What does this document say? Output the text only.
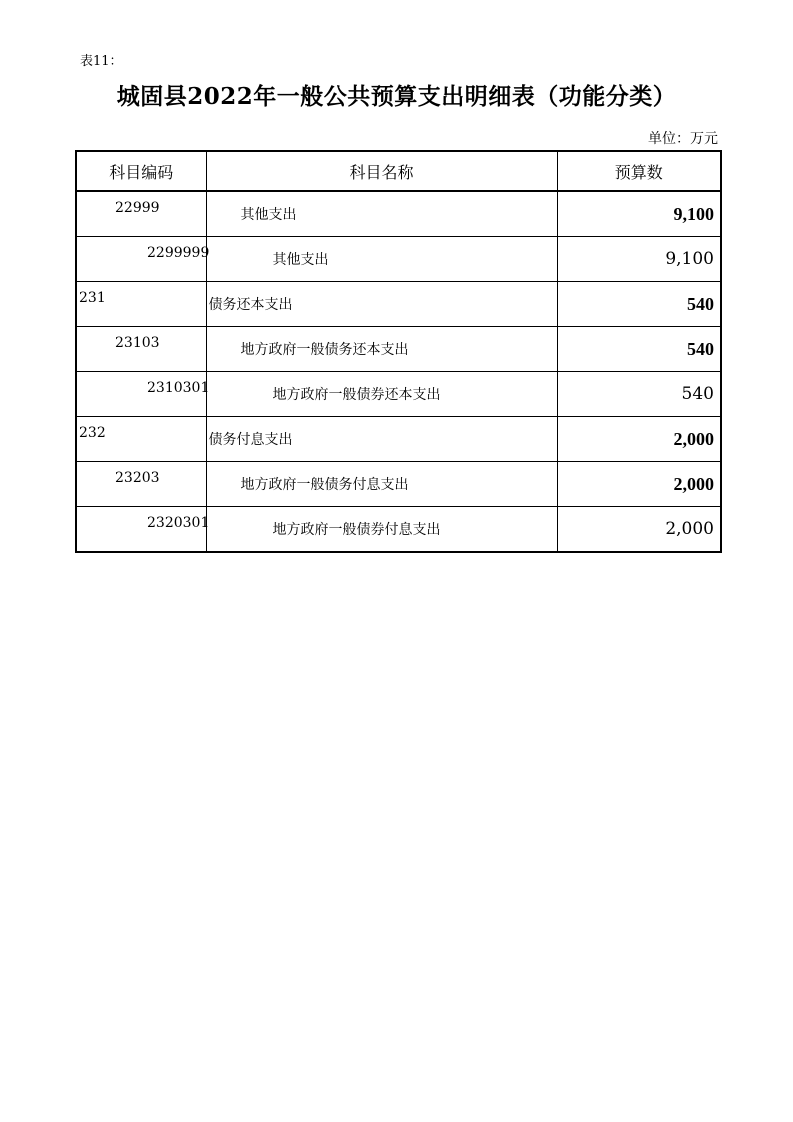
表11：
城固县2022年一般公共预算支出明细表（功能分类）
单位：万元
科目编码	科目名称	预算数
22999	其他支出	9,100
2299999	其他支出	9,100
231	债务还本支出	540
23103	地方政府一般债务还本支出	540
2310301	地方政府一般债券还本支出	540
232	债务付息支出	2,000
23203	地方政府一般债务付息支出	2,000
2320301	地方政府一般债券付息支出	2,000
